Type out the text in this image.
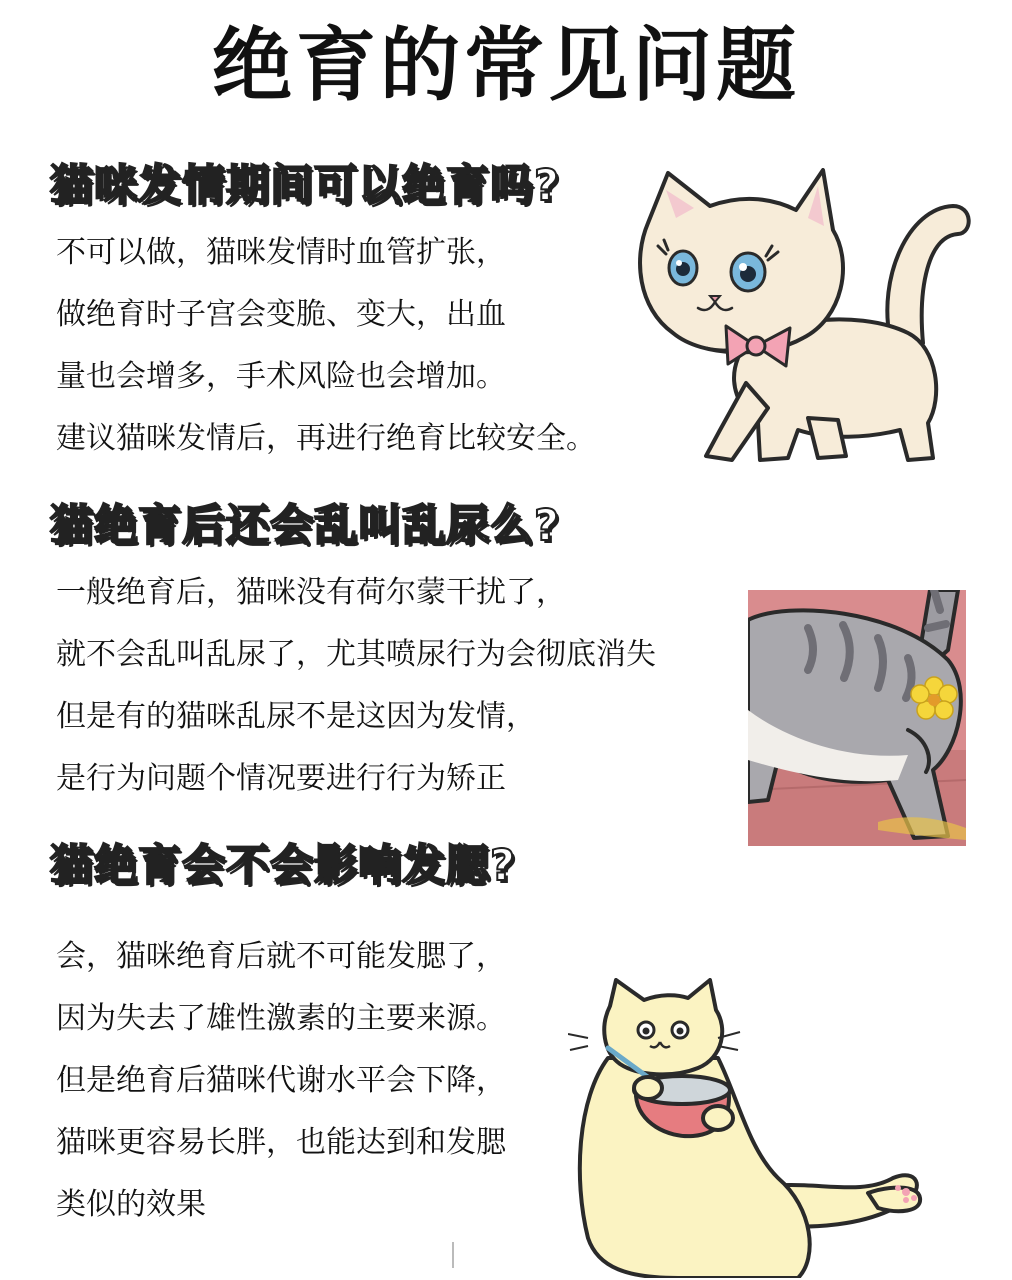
绝育的常见问题
猫咪发情期间可以绝育吗?
不可以做，猫咪发情时血管扩张，
做绝育时子宫会变脆、变大，出血
量也会增多，手术风险也会增加。
建议猫咪发情后，再进行绝育比较安全。
猫绝育后还会乱叫乱尿么?
一般绝育后，猫咪没有荷尔蒙干扰了，
就不会乱叫乱尿了，尤其喷尿行为会彻底消失
但是有的猫咪乱尿不是这因为发情，
是行为问题个情况要进行行为矫正
猫绝育会不会影响发腮?
会，猫咪绝育后就不可能发腮了，
因为失去了雄性激素的主要来源。
但是绝育后猫咪代谢水平会下降，
猫咪更容易长胖，也能达到和发腮
类似的效果
